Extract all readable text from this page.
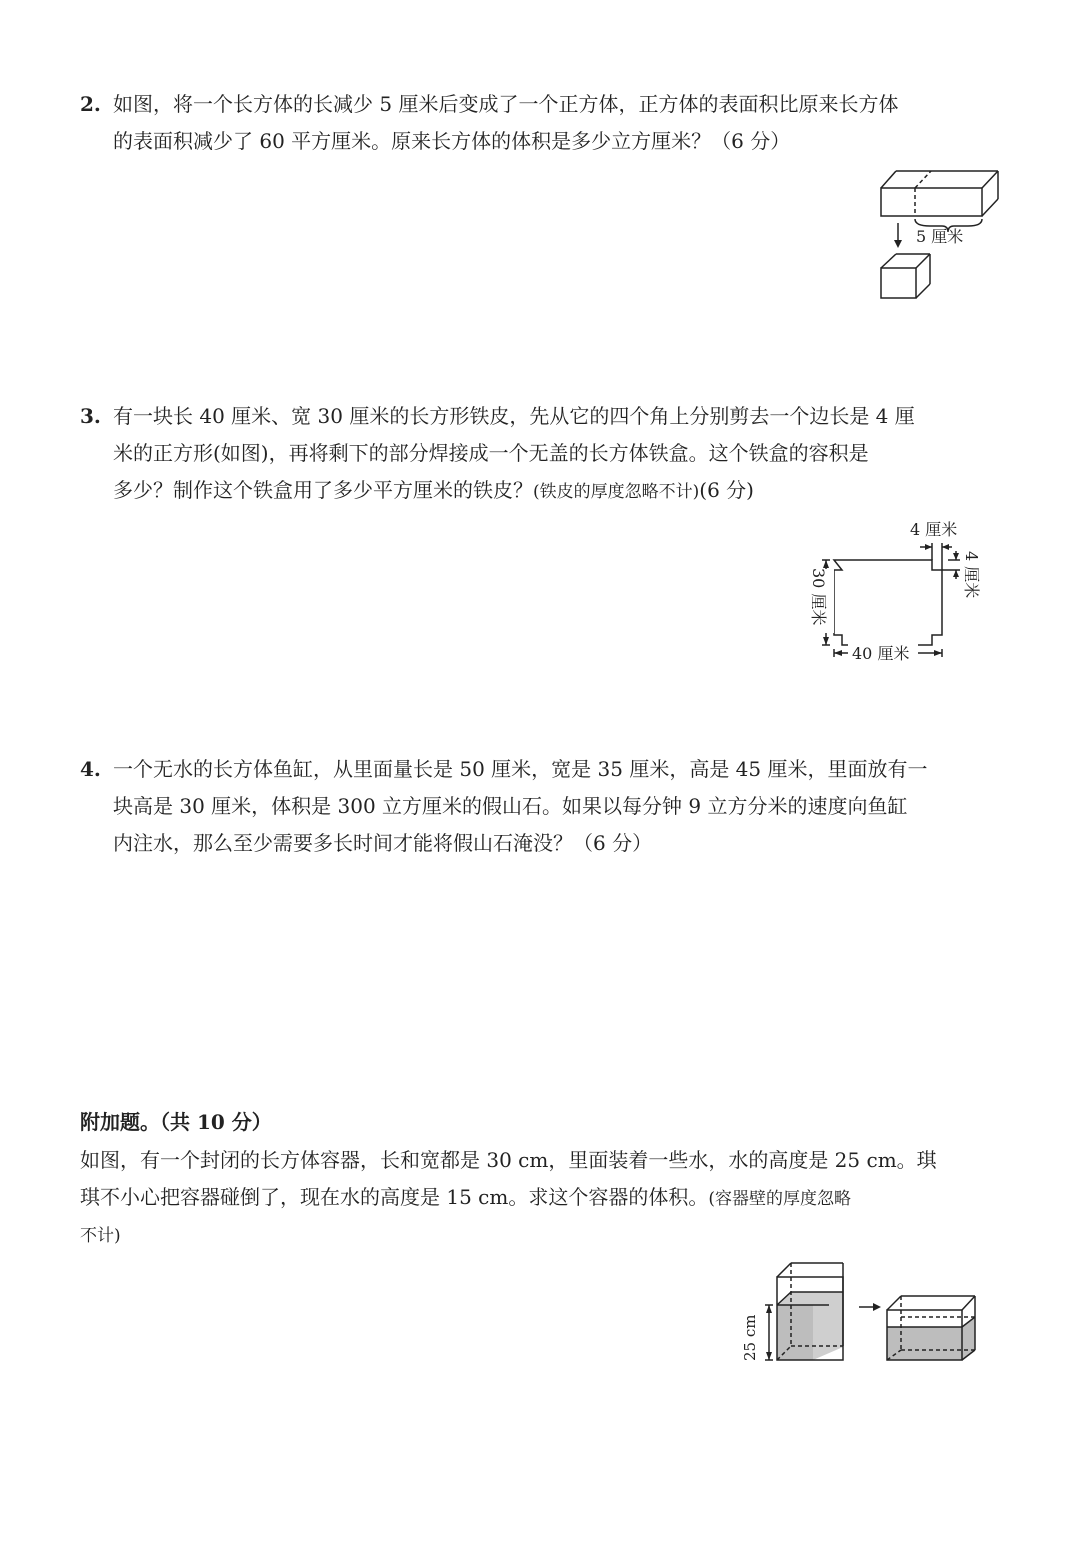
2. 如图，将一个长方体的长减少 5 厘米后变成了一个正方体，正方体的表面积比原来长方体
的表面积减少了 60 平方厘米。原来长方体的体积是多少立方厘米？（6 分）
5 厘米
3. 有一块长 40 厘米、宽 30 厘米的长方形铁皮，先从它的四个角上分别剪去一个边长是 4 厘
米的正方形(如图)，再将剩下的部分焊接成一个无盖的长方体铁盒。这个铁盒的容积是
多少？制作这个铁盒用了多少平方厘米的铁皮？(铁皮的厚度忽略不计)(6 分)
40 厘米
4 厘米
30 厘米	4 厘米
4. 一个无水的长方体鱼缸，从里面量长是 50 厘米，宽是 35 厘米，高是 45 厘米，里面放有一
块高是 30 厘米，体积是 300 立方厘米的假山石。如果以每分钟 9 立方分米的速度向鱼缸
内注水，那么至少需要多长时间才能将假山石淹没？（6 分）
附加题。（共 10 分）
如图，有一个封闭的长方体容器，长和宽都是 30 cm，里面装着一些水，水的高度是 25 cm。琪
琪不小心把容器碰倒了，现在水的高度是 15 cm。求这个容器的体积。(容器壁的厚度忽略
不计)
25 cm
